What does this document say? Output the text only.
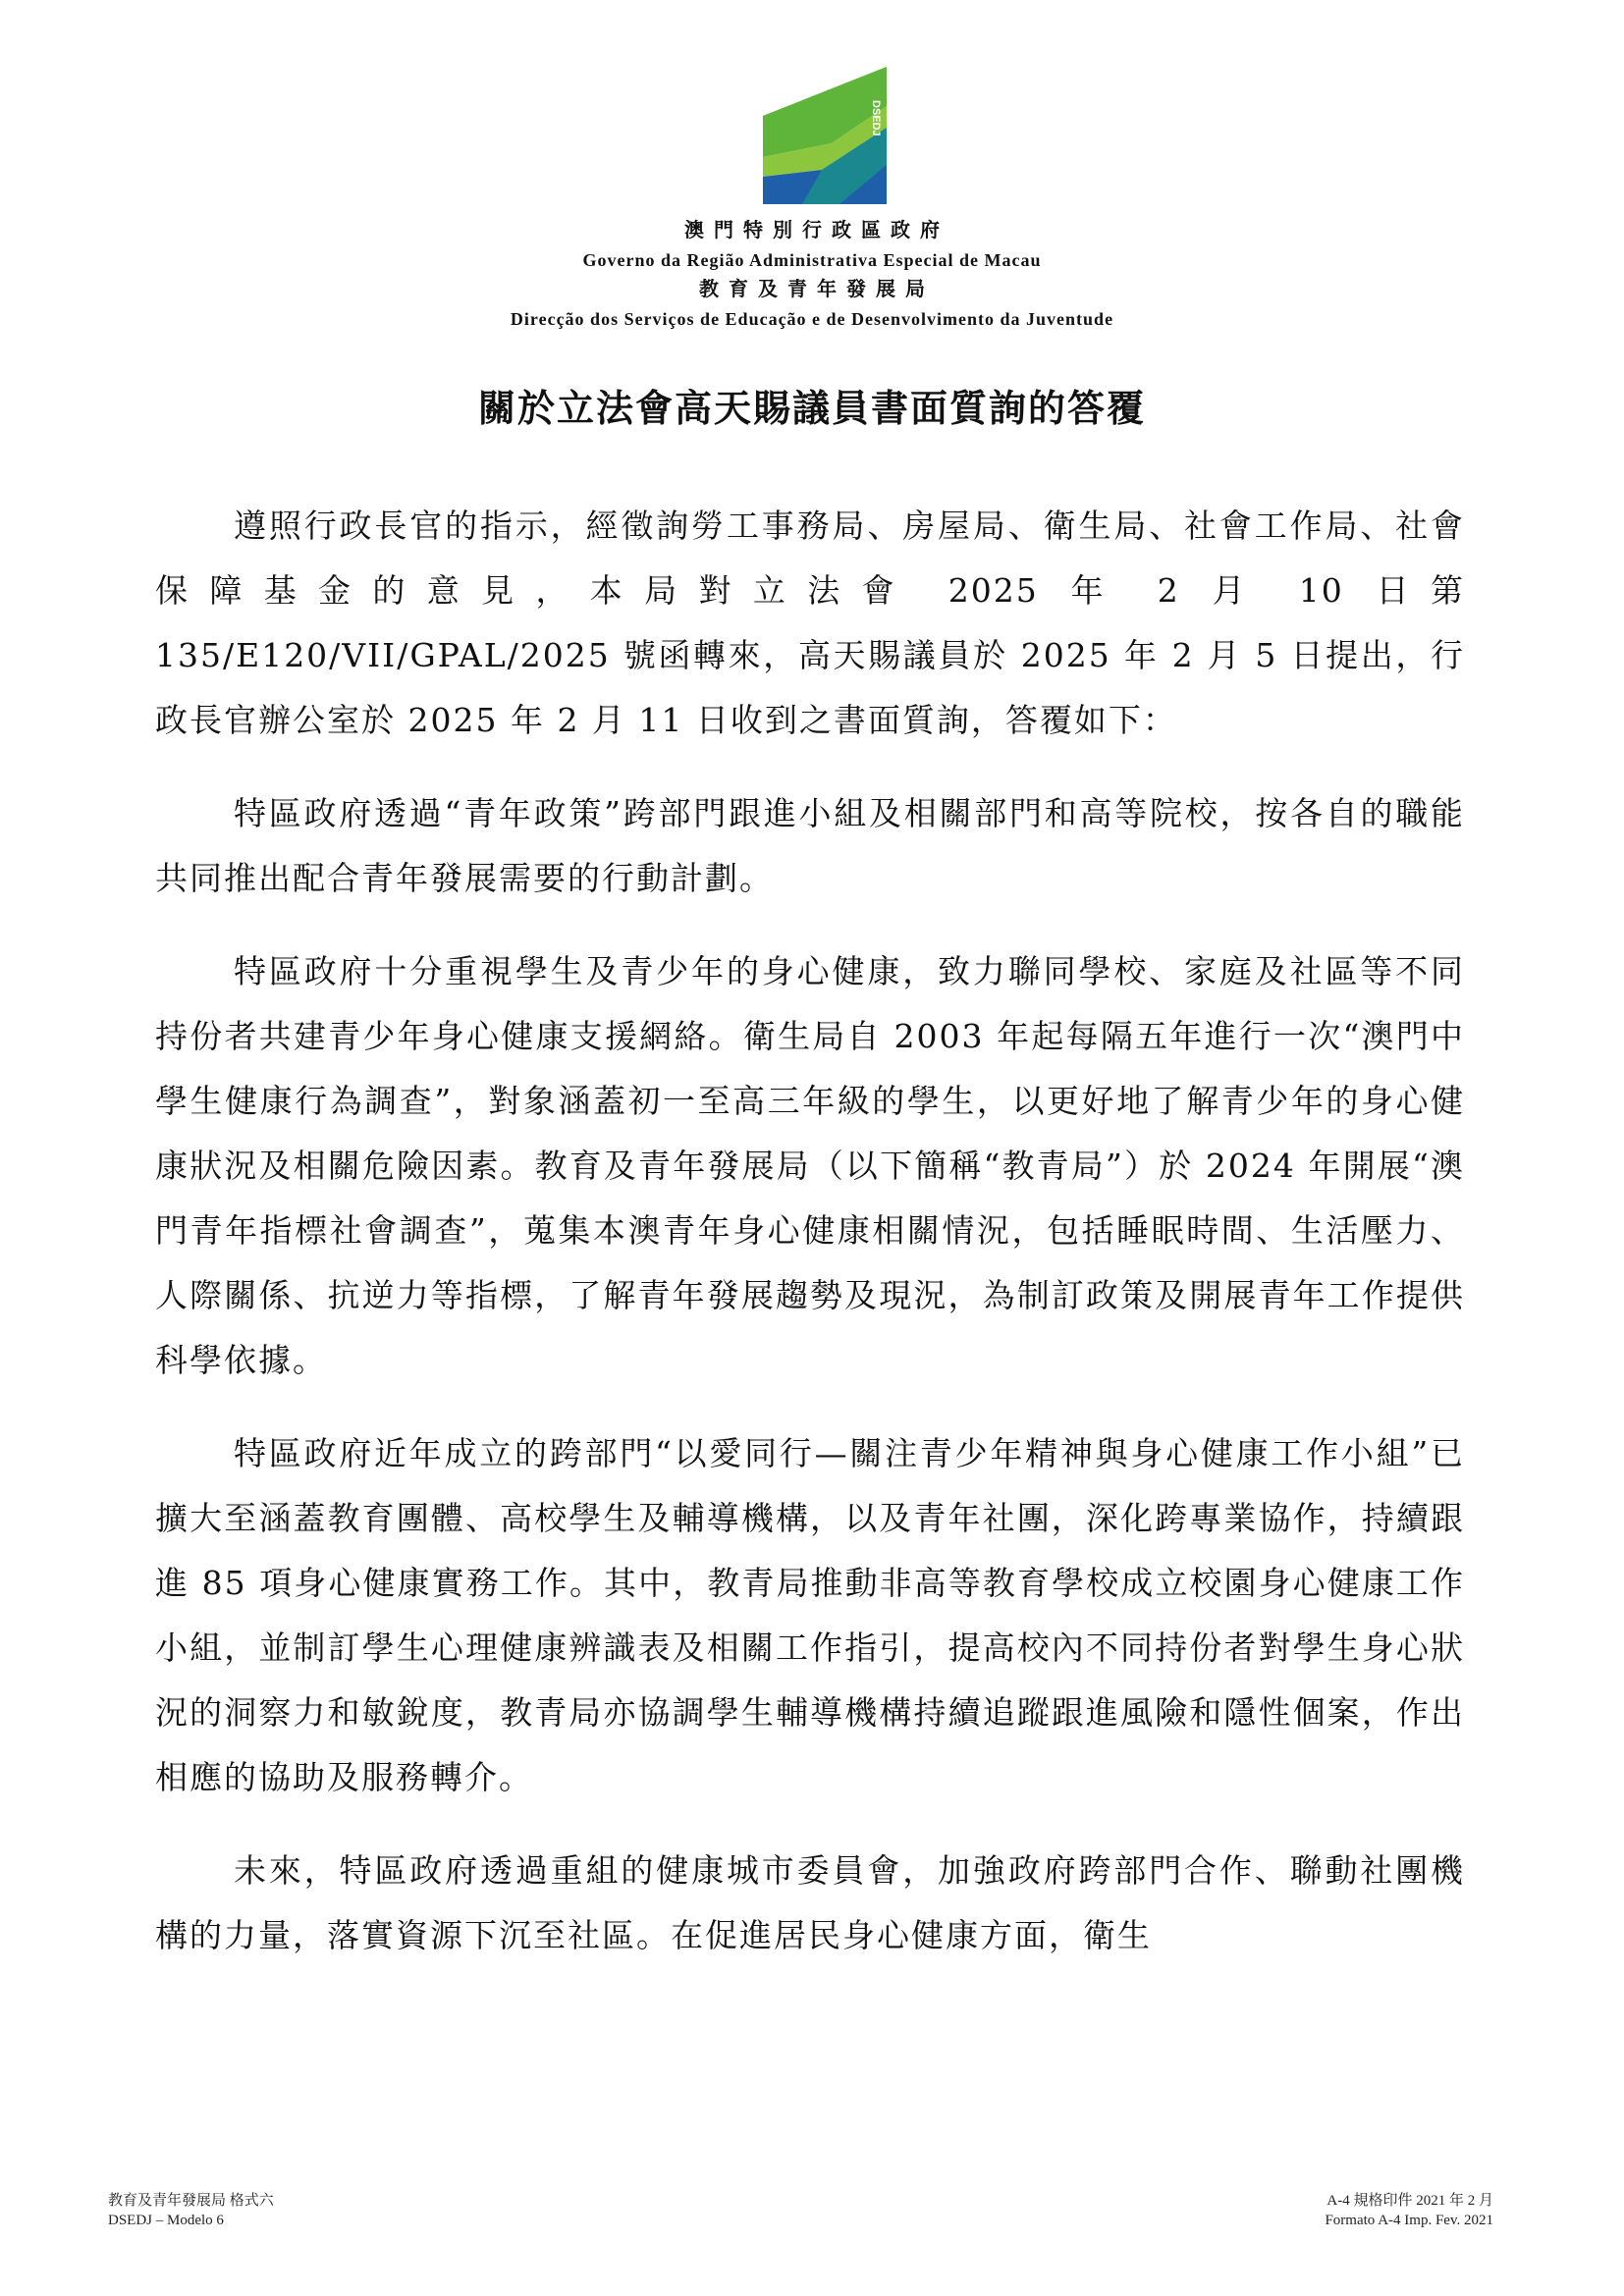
DSEDJ
澳門特別行政區政府
Governo da Região Administrativa Especial de Macau
教育及青年發展局
Direcção dos Serviços de Educação e de Desenvolvimento da Juventude
關於立法會高天賜議員書面質詢的答覆

遵照行政長官的指示，經徵詢勞工事務局、房屋局、衛生局、社會工作局、社會保障基金的意見，本局對立法會 2025 年 2 月 10 日第 135/E120/VII/GPAL/2025 號函轉來，高天賜議員於 2025 年 2 月 5 日提出，行政長官辦公室於 2025 年 2 月 11 日收到之書面質詢，答覆如下：

特區政府透過“青年政策”跨部門跟進小組及相關部門和高等院校，按各自的職能共同推出配合青年發展需要的行動計劃。

特區政府十分重視學生及青少年的身心健康，致力聯同學校、家庭及社區等不同持份者共建青少年身心健康支援網絡。衛生局自 2003 年起每隔五年進行一次“澳門中學生健康行為調查”，對象涵蓋初一至高三年級的學生，以更好地了解青少年的身心健康狀況及相關危險因素。教育及青年發展局（以下簡稱“教青局”）於 2024 年開展“澳門青年指標社會調查”，蒐集本澳青年身心健康相關情況，包括睡眠時間、生活壓力、人際關係、抗逆力等指標，了解青年發展趨勢及現況，為制訂政策及開展青年工作提供科學依據。

特區政府近年成立的跨部門“以愛同行—關注青少年精神與身心健康工作小組”已擴大至涵蓋教育團體、高校學生及輔導機構，以及青年社團，深化跨專業協作，持續跟進 85 項身心健康實務工作。其中，教青局推動非高等教育學校成立校園身心健康工作小組，並制訂學生心理健康辨識表及相關工作指引，提高校內不同持份者對學生身心狀況的洞察力和敏銳度，教青局亦協調學生輔導機構持續追蹤跟進風險和隱性個案，作出相應的協助及服務轉介。

未來，特區政府透過重組的健康城市委員會，加強政府跨部門合作、聯動社團機構的力量，落實資源下沉至社區。在促進居民身心健康方面，衛生

教育及青年發展局 格式六
DSEDJ – Modelo 6
A-4 規格印件 2021 年 2 月
Formato A-4 Imp. Fev. 2021
